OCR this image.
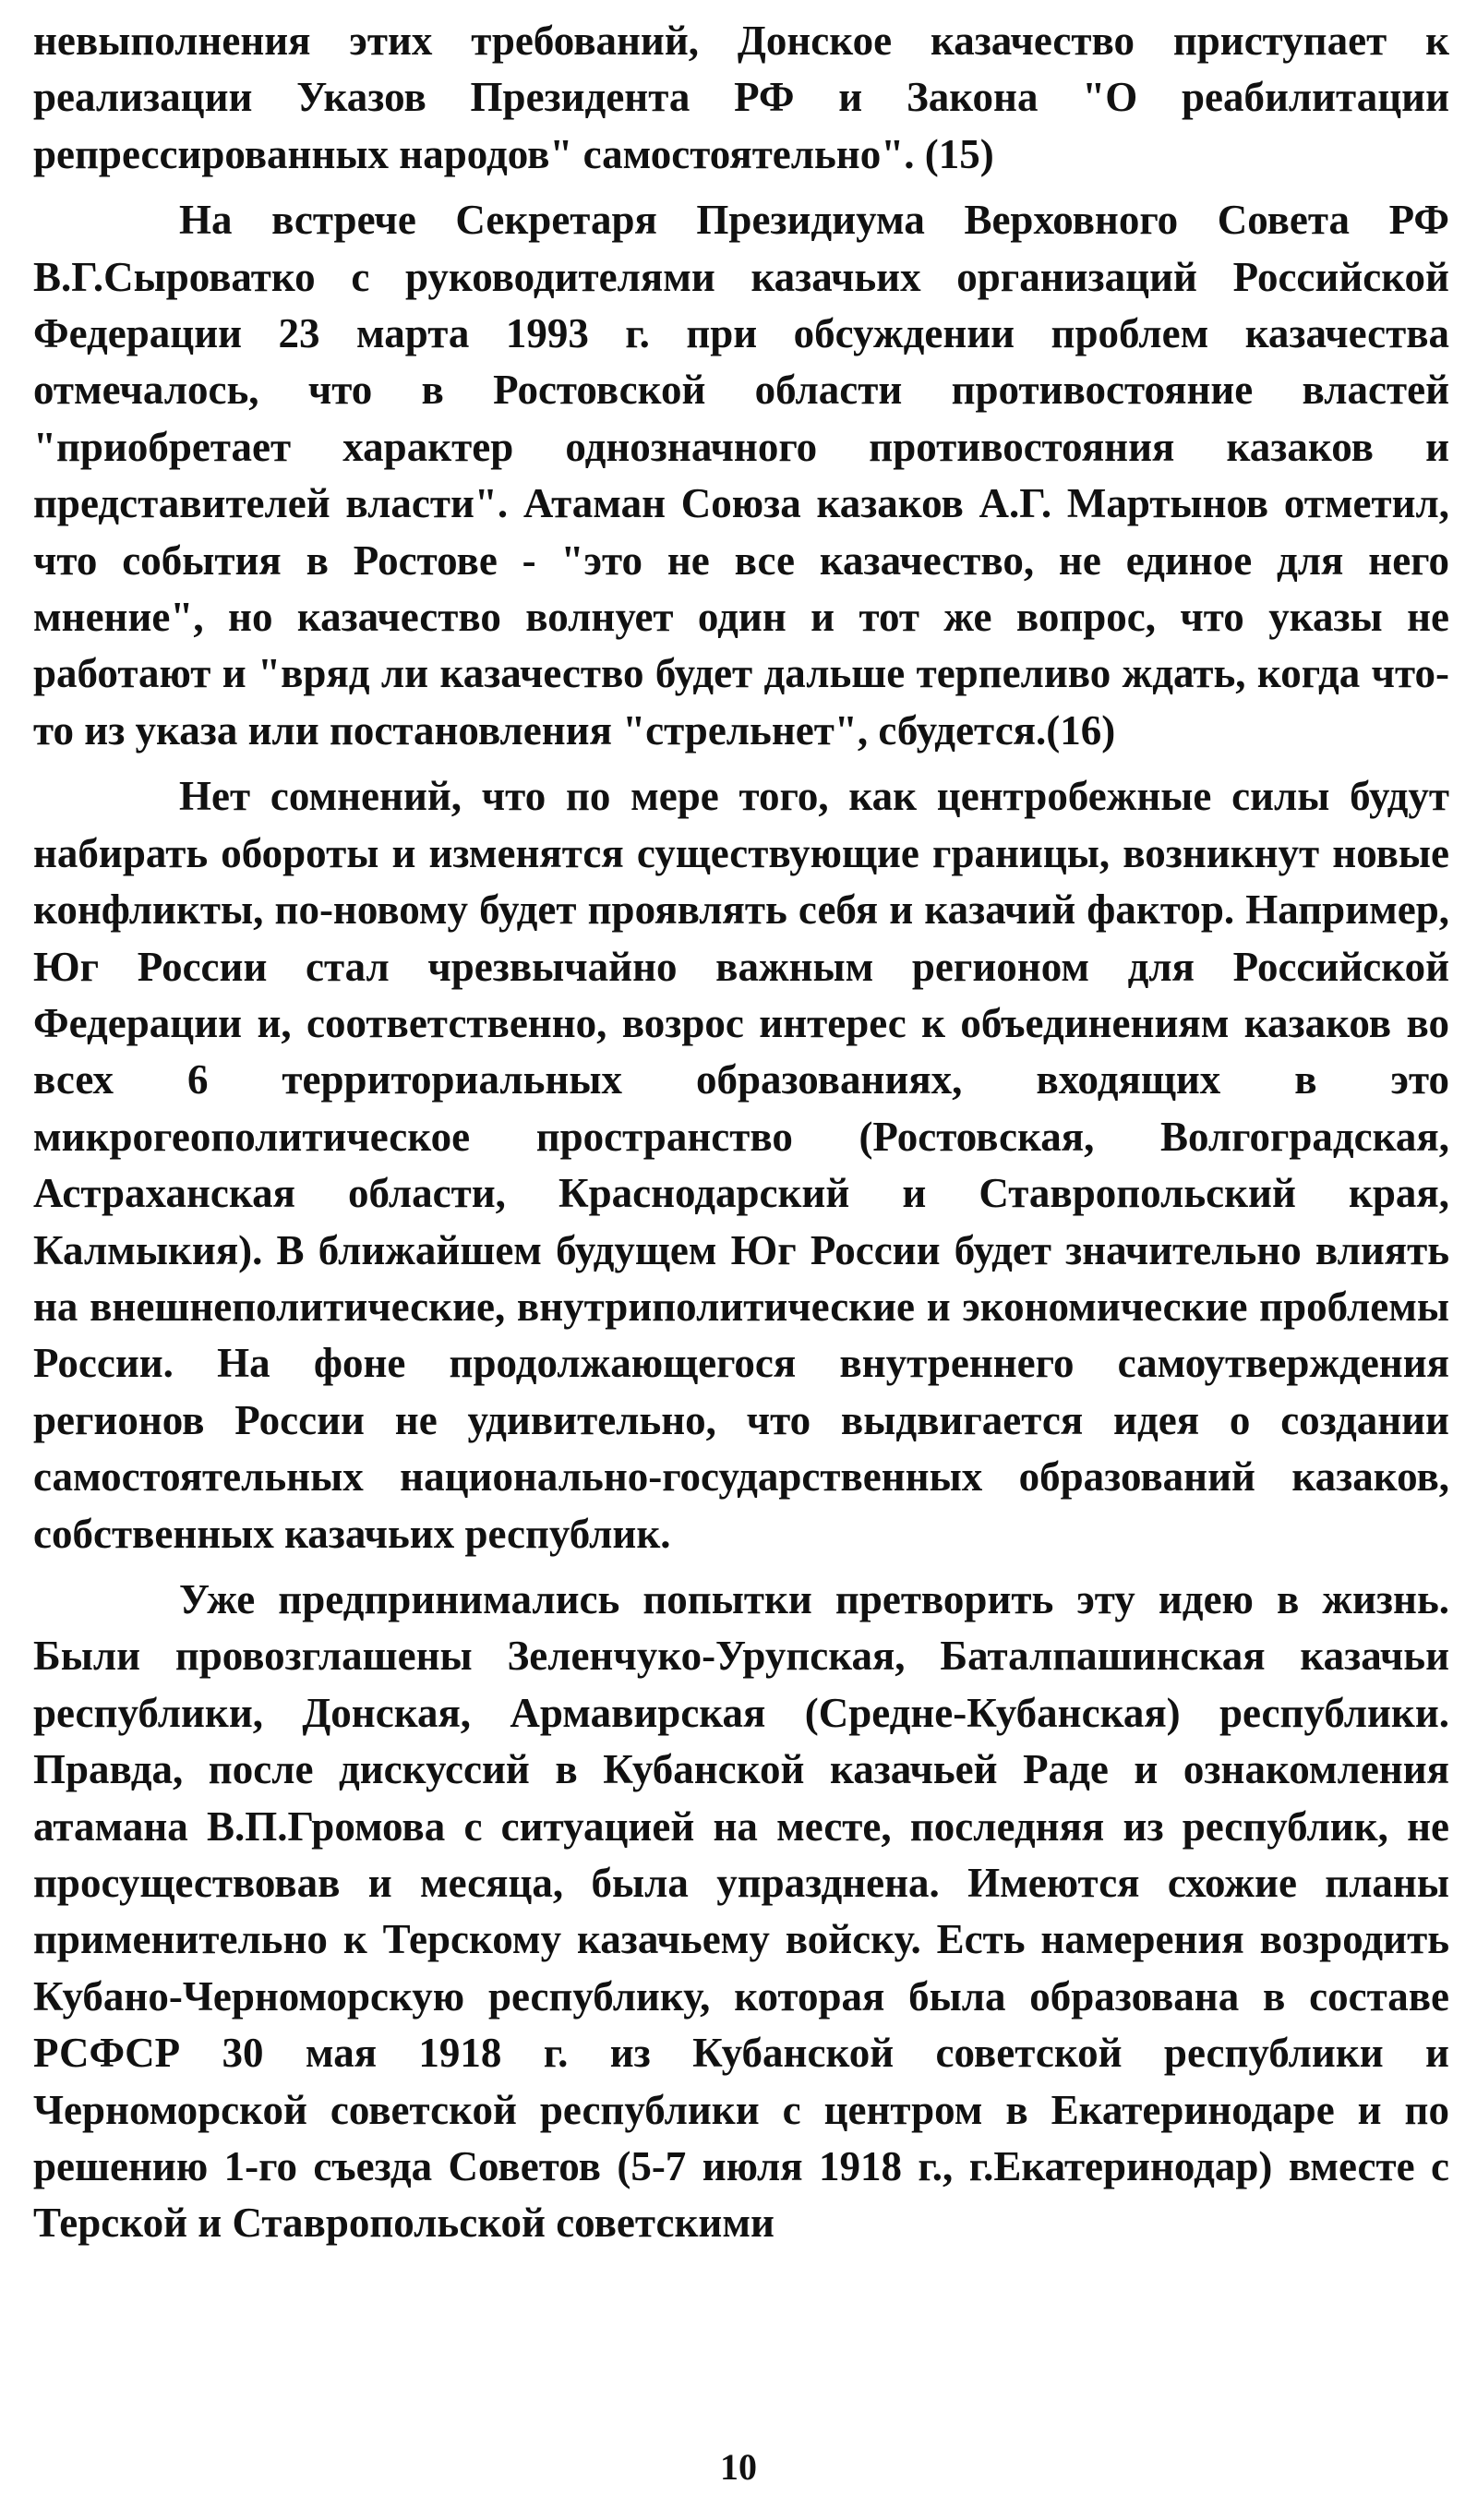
невыполнения этих требований, Донское казачество приступает к реализации Указов Президента РФ и Закона "О реабилитации репрессированных народов" самостоятельно". (15)

На встрече Секретаря Президиума Верховного Совета РФ В.Г.Сыроватко с руководителями казачьих организаций Российской Федерации 23 марта 1993 г. при обсуждении проблем казачества отмечалось, что в Ростовской области противостояние властей "приобретает характер однозначного противостояния казаков и представителей власти". Атаман Союза казаков А.Г. Мартынов отметил, что события в Ростове - "это не все казачество, не единое для него мнение", но казачество волнует один и тот же вопрос, что указы не работают и "вряд ли казачество будет дальше терпеливо ждать, когда что-то из указа или постановления "стрельнет", сбудется.(16)

Нет сомнений, что по мере того, как центробежные силы будут набирать обороты и изменятся существующие границы, возникнут новые конфликты, по-новому будет проявлять себя и казачий фактор. Например, Юг России стал чрезвычайно важным регионом для Российской Федерации и, соответственно, возрос интерес к объединениям казаков во всех 6 территориальных образованиях, входящих в это микрогеополитическое пространство (Ростовская, Волгоградская, Астраханская области, Краснодарский и Ставропольский края, Калмыкия). В ближайшем будущем Юг России будет значительно влиять на внешнеполитические, внутриполитические и экономические проблемы России. На фоне продолжающегося внутреннего самоутверждения регионов России не удивительно, что выдвигается идея о создании самостоятельных национально-государственных образований казаков, собственных казачьих республик.

Уже предпринимались попытки претворить эту идею в жизнь. Были провозглашены Зеленчуко-Урупская, Баталпашинская казачьи республики, Донская, Армавирская (Средне-Кубанская) республики. Правда, после дискуссий в Кубанской казачьей Раде и ознакомления атамана В.П.Громова с ситуацией на месте, последняя из республик, не просуществовав и месяца, была упразднена. Имеются схожие планы применительно к Терскому казачьему войску. Есть намерения возродить Кубано-Черноморскую республику, которая была образована в составе РСФСР 30 мая 1918 г. из Кубанской советской республики и Черноморской советской республики с центром в Екатеринодаре и по решению 1-го съезда Советов (5-7 июля 1918 г., г.Екатеринодар) вместе с Терской и Ставропольской советскими

10
